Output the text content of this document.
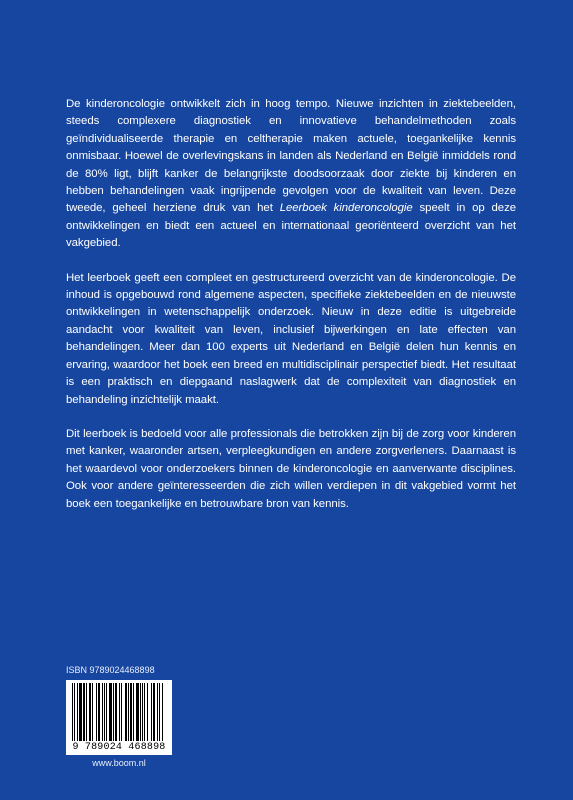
De kinderoncologie ontwikkelt zich in hoog tempo. Nieuwe inzichten in ziektebeelden, steeds complexere diagnostiek en innovatieve behandelmethoden zoals geïndividualiseerde therapie en celtherapie maken actuele, toegankelijke kennis onmisbaar. Hoewel de overlevingskans in landen als Nederland en België inmiddels rond de 80% ligt, blijft kanker de belangrijkste doodsoorzaak door ziekte bij kinderen en hebben behandelingen vaak ingrijpende gevolgen voor de kwaliteit van leven. Deze tweede, geheel herziene druk van het Leerboek kinderoncologie speelt in op deze ontwikkelingen en biedt een actueel en internationaal georiënteerd overzicht van het vakgebied.

Het leerboek geeft een compleet en gestructureerd overzicht van de kinderoncologie. De inhoud is opgebouwd rond algemene aspecten, specifieke ziektebeelden en de nieuwste ontwikkelingen in wetenschappelijk onderzoek. Nieuw in deze editie is uitgebreide aandacht voor kwaliteit van leven, inclusief bijwerkingen en late effecten van behandelingen. Meer dan 100 experts uit Nederland en België delen hun kennis en ervaring, waardoor het boek een breed en multidisciplinair perspectief biedt. Het resultaat is een praktisch en diepgaand naslagwerk dat de complexiteit van diagnostiek en behandeling inzichtelijk maakt.

Dit leerboek is bedoeld voor alle professionals die betrokken zijn bij de zorg voor kinderen met kanker, waaronder artsen, verpleegkundigen en andere zorgverleners. Daarnaast is het waardevol voor onderzoekers binnen de kinderoncologie en aanverwante disciplines. Ook voor andere geïnteresseerden die zich willen verdiepen in dit vakgebied vormt het boek een toegankelijke en betrouwbare bron van kennis.

ISBN 9789024468898
9 789024 468898
www.boom.nl
